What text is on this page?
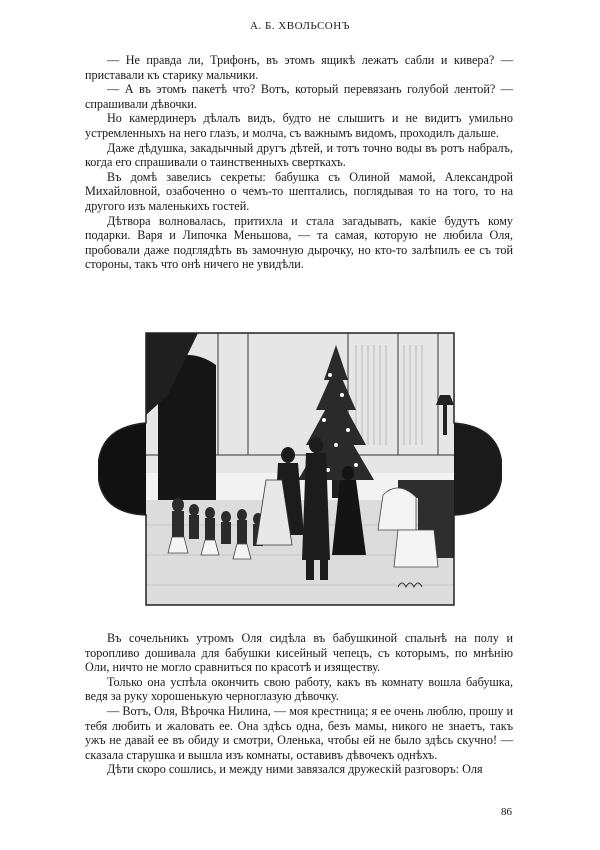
А. Б. ХВОЛЬСОНЪ

— Не правда ли, Трифонъ, въ этомъ ящикѣ лежатъ сабли и кивера? — приставали къ старику мальчики.

— А въ этомъ пакетѣ что? Вотъ, который перевязанъ голубой лентой? — спрашивали дѣвочки.

Но камердинеръ дѣлалъ видъ, будто не слышитъ и не видитъ умильно устремленныхъ на него глазъ, и молча, съ важнымъ видомъ, проходилъ дальше.

Даже дѣдушка, закадычный другъ дѣтей, и тотъ точно воды въ ротъ набралъ, когда его спрашивали о таинственныхъ сверткахъ.

Въ домѣ завелись секреты: бабушка съ Олиной мамой, Александрой Михайловной, озабоченно о чемъ-то шептались, поглядывая то на того, то на другого изъ маленькихъ гостей.

Дѣтвора волновалась, притихла и стала загадывать, какiе будутъ кому подарки. Варя и Липочка Меньшова, — та самая, которую не любила Оля, пробовали даже подглядѣть въ замочную дырочку, но кто-то залѣпилъ ее съ той стороны, такъ что онѣ ничего не увидѣли.

Въ сочельникъ утромъ Оля сидѣла въ бабушкиной спальнѣ на полу и торопливо дошивала для бабушки кисейный чепецъ, съ которымъ, по мнѣнiю Оли, ничто не могло сравниться по красотѣ и изяществу.

Только она успѣла окончить свою работу, какъ въ комнату вошла бабушка, ведя за руку хорошенькую черноглазую дѣвочку.

— Вотъ, Оля, Вѣрочка Нилина, — моя крестница; я ее очень люблю, прошу и тебя любить и жаловать ее. Она здѣсь одна, безъ мамы, никого не знаетъ, такъ ужъ не давай ее въ обиду и смотри, Оленька, чтобы ей не было здѣсь скучно! — сказала старушка и вышла изъ комнаты, оставивъ дѣвочекъ однѣхъ.

Дѣти скоро сошлись, и между ними завязался дружескiй разговоръ: Оля

86
